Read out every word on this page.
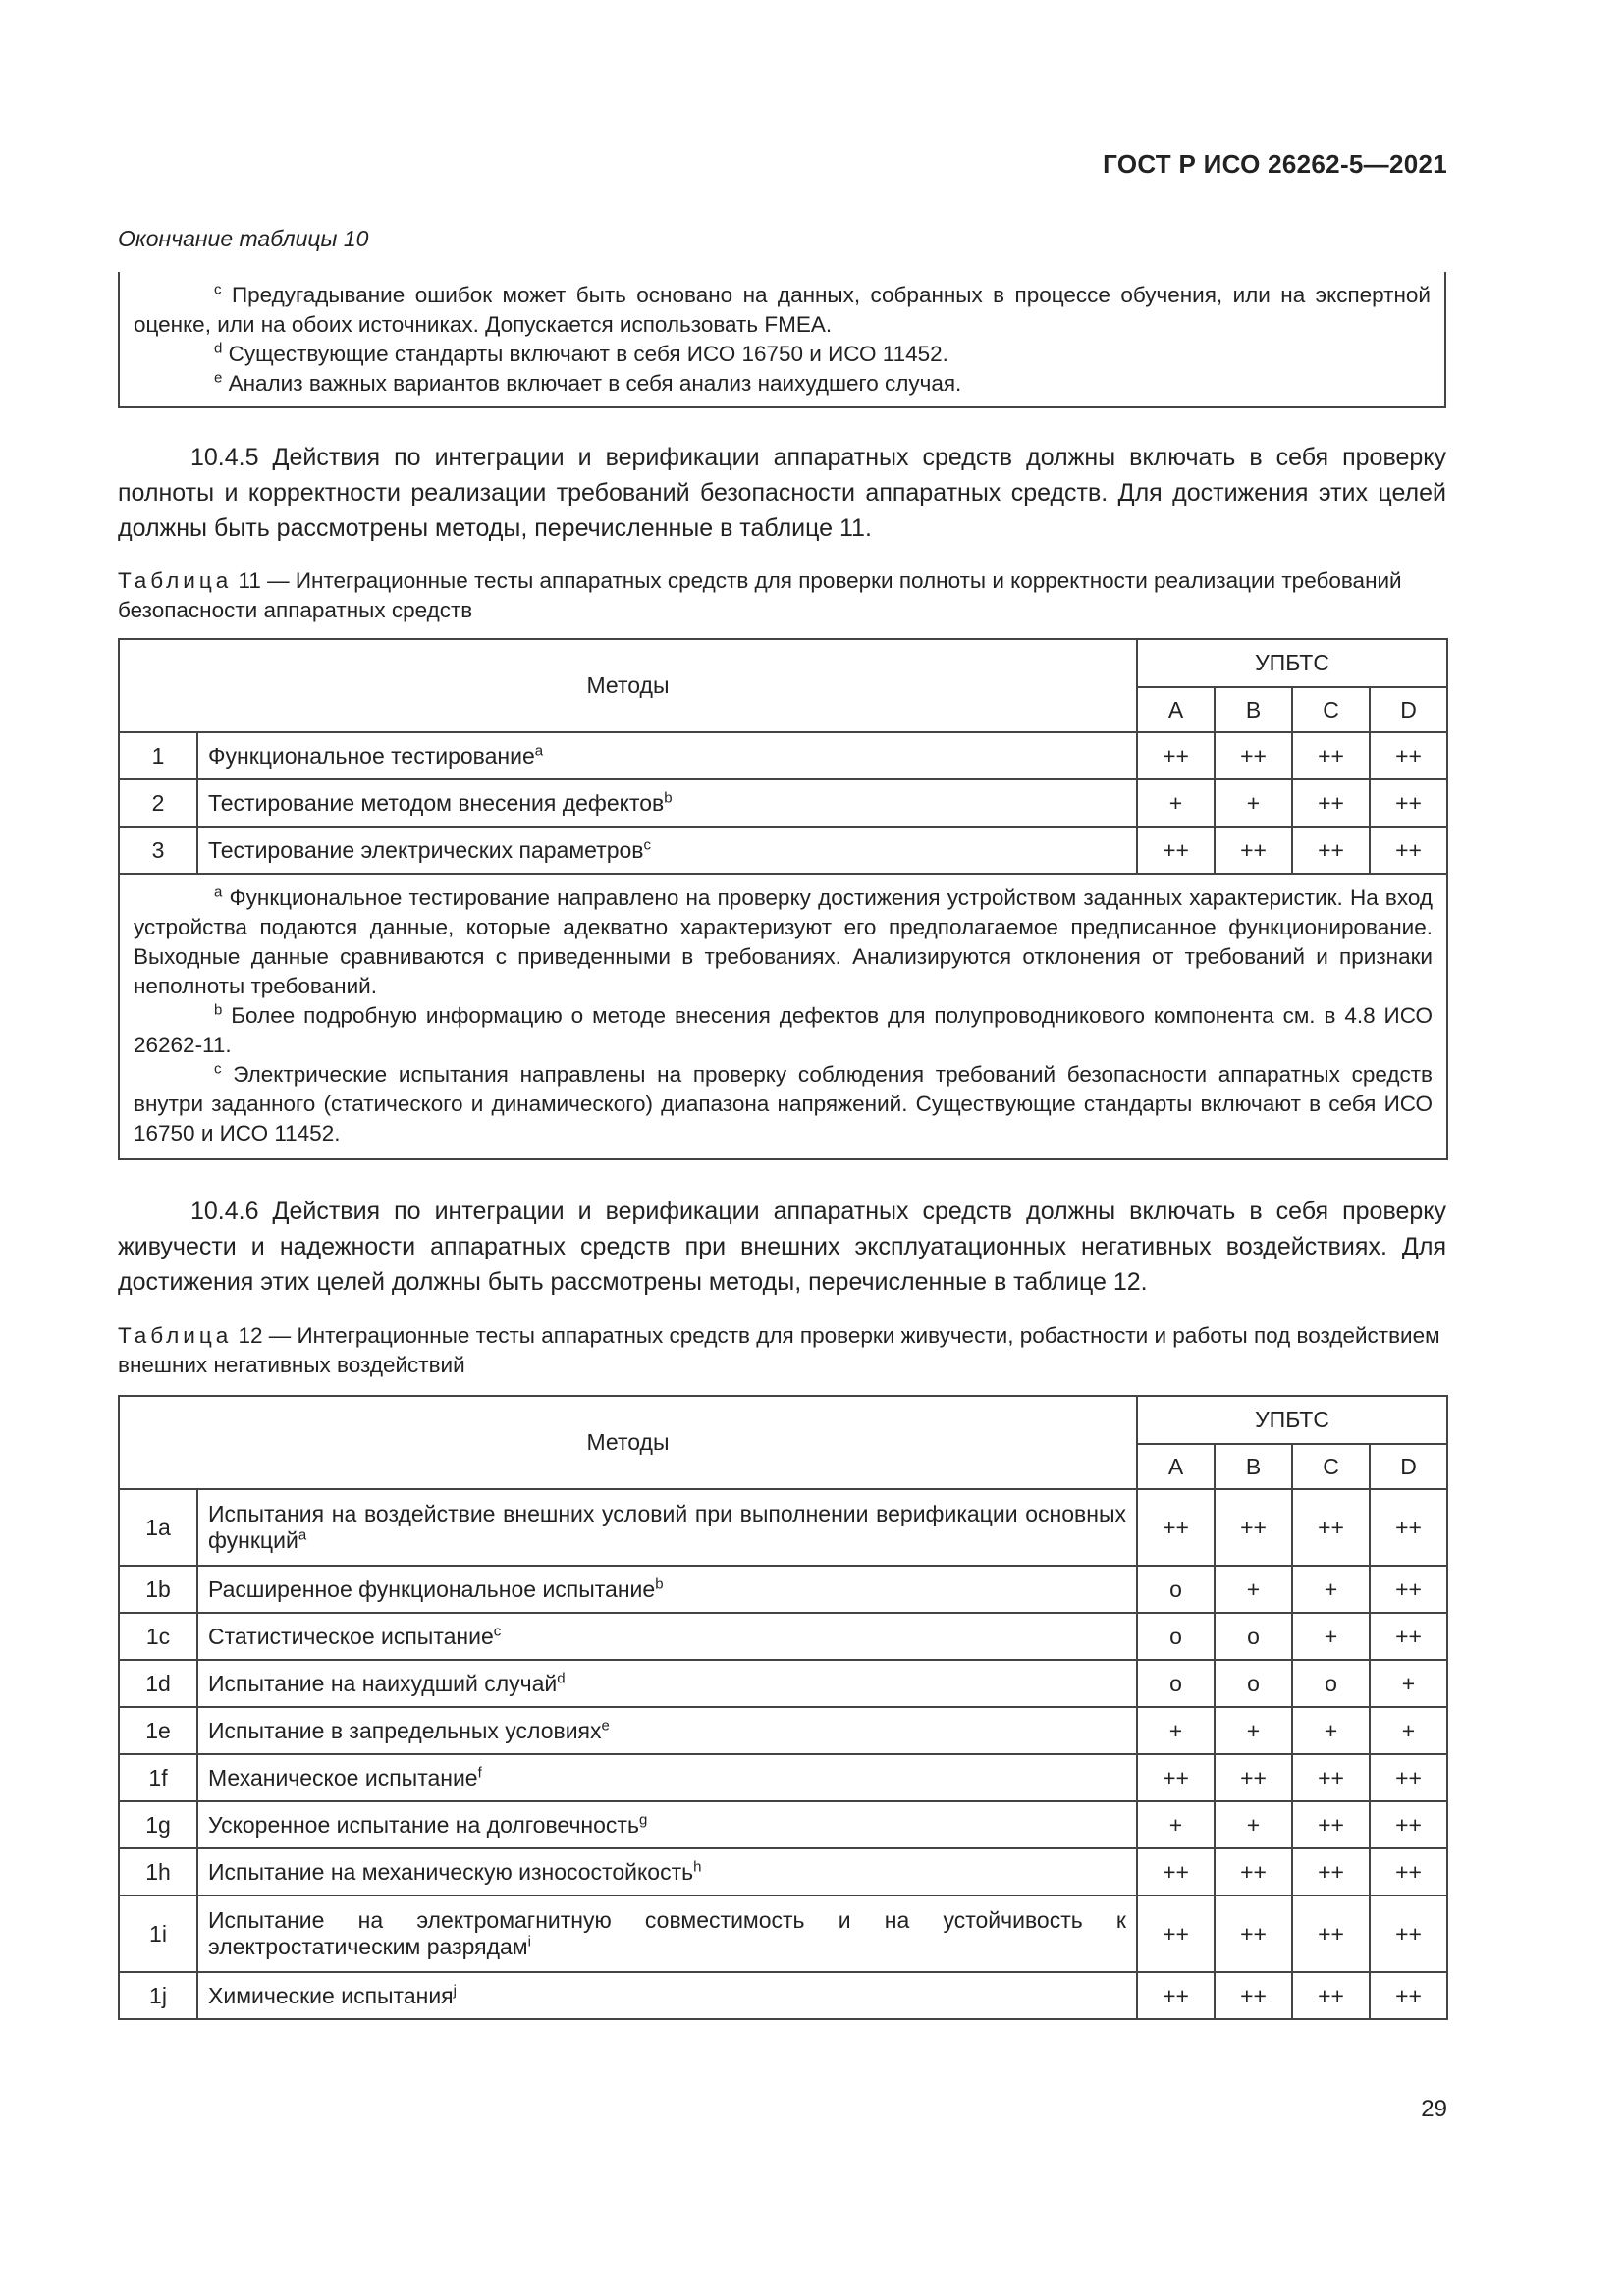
ГОСТ Р ИСО 26262-5—2021
Окончание таблицы 10

$^c$ Предугадывание ошибок может быть основано на данных, собранных в процессе обучения, или на экспертной оценке, или на обоих источниках. Допускается использовать FMEA.

$^d$ Существующие стандарты включают в себя ИСО 16750 и ИСО 11452.

$^e$ Анализ важных вариантов включает в себя анализ наихудшего случая.

10.4.5 Действия по интеграции и верификации аппаратных средств должны включать в себя проверку полноты и корректности реализации требований безопасности аппаратных средств. Для достижения этих целей должны быть рассмотрены методы, перечисленные в таблице 11.

Таблица 11 — Интеграционные тесты аппаратных средств для проверки полноты и корректности реализации требований безопасности аппаратных средств
Методы		УПБТС			
		A	B	C	D
1	Функциональное тестирование$^a$	++	++	++	++
2	Тестирование методом внесения дефектов$^b$	+	+	++	++
3	Тестирование электрических параметров$^c$	++	++	++	++

$^a$ Функциональное тестирование направлено на проверку достижения устройством заданных характеристик. На вход устройства подаются данные, которые адекватно характеризуют его предполагаемое предписанное функционирование. Выходные данные сравниваются с приведенными в требованиях. Анализируются отклонения от требований и признаки неполноты требований.

$^b$ Более подробную информацию о методе внесения дефектов для полупроводникового компонента см. в 4.8 ИСО 26262-11.

$^c$ Электрические испытания направлены на проверку соблюдения требований безопасности аппаратных средств внутри заданного (статического и динамического) диапазона напряжений. Существующие стандарты включают в себя ИСО 16750 и ИСО 11452.					

10.4.6 Действия по интеграции и верификации аппаратных средств должны включать в себя проверку живучести и надежности аппаратных средств при внешних эксплуатационных негативных воздействиях. Для достижения этих целей должны быть рассмотрены методы, перечисленные в таблице 12.

Таблица 12 — Интеграционные тесты аппаратных средств для проверки живучести, робастности и работы под воздействием внешних негативных воздействий
Методы		УПБТС			
		A	B	C	D
1a	Испытания на воздействие внешних условий при выполнении верификации основных функций$^a$	++	++	++	++
1b	Расширенное функциональное испытание$^b$	o	+	+	++
1c	Статистическое испытание$^c$	o	o	+	++
1d	Испытание на наихудший случай$^d$	o	o	o	+
1e	Испытание в запредельных условиях$^e$	+	+	+	+
1f	Механическое испытание$^f$	++	++	++	++
1g	Ускоренное испытание на долговечность$^g$	+	+	++	++
1h	Испытание на механическую износостойкость$^h$	++	++	++	++
1i	Испытание на электромагнитную совместимость и на устойчивость к электростатическим разрядам$^i$	++	++	++	++
1j	Химические испытания$^j$	++	++	++	++
29
